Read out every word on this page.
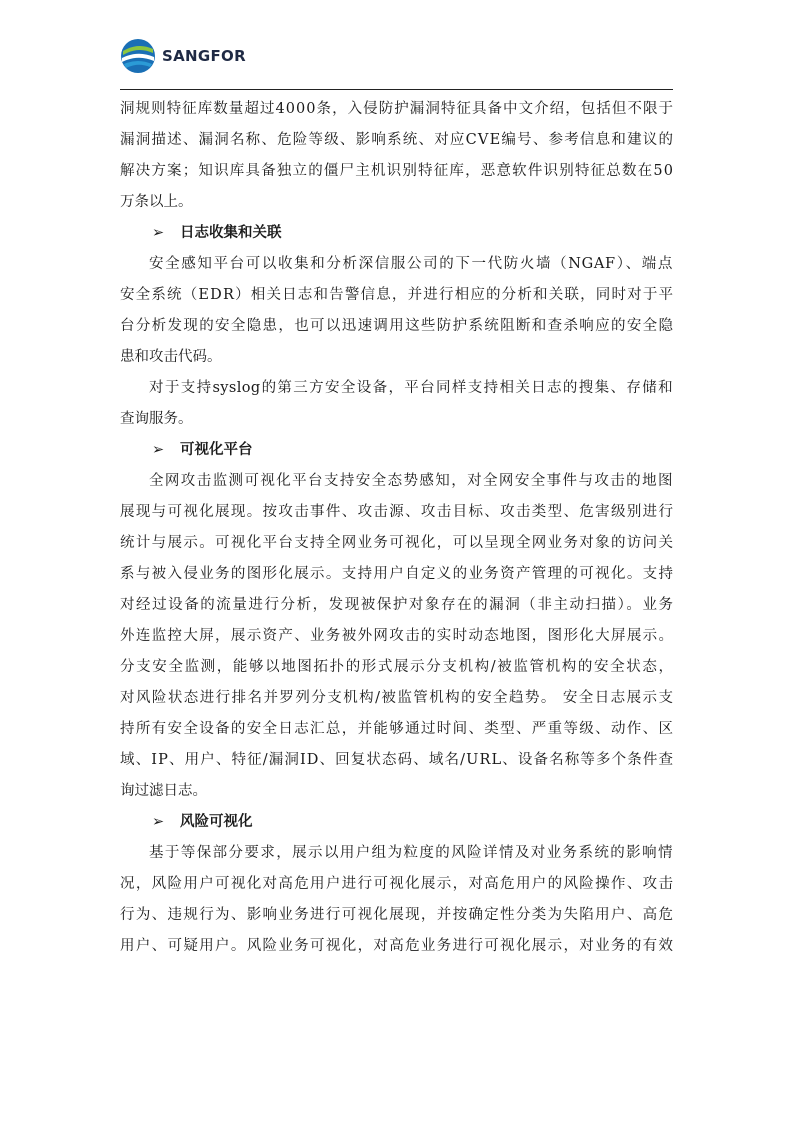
SANGFOR

洞规则特征库数量超过4000条，入侵防护漏洞特征具备中文介绍，包括但不限于
漏洞描述、漏洞名称、危险等级、影响系统、对应CVE编号、参考信息和建议的
解决方案；知识库具备独立的僵尸主机识别特征库，恶意软件识别特征总数在50

万条以上。

➢ 日志收集和关联

安全感知平台可以收集和分析深信服公司的下一代防火墙（NGAF）、端点

安全系统（EDR）相关日志和告警信息，并进行相应的分析和关联，同时对于平
台分析发现的安全隐患，也可以迅速调用这些防护系统阻断和查杀响应的安全隐

患和攻击代码。

对于支持syslog的第三方安全设备，平台同样支持相关日志的搜集、存储和

查询服务。

➢ 可视化平台

全网攻击监测可视化平台支持安全态势感知，对全网安全事件与攻击的地图

展现与可视化展现。按攻击事件、攻击源、攻击目标、攻击类型、危害级别进行
统计与展示。可视化平台支持全网业务可视化，可以呈现全网业务对象的访问关
系与被入侵业务的图形化展示。支持用户自定义的业务资产管理的可视化。支持
对经过设备的流量进行分析，发现被保护对象存在的漏洞（非主动扫描）。业务
外连监控大屏，展示资产、业务被外网攻击的实时动态地图，图形化大屏展示。
分支安全监测，能够以地图拓扑的形式展示分支机构/被监管机构的安全状态，
对风险状态进行排名并罗列分支机构/被监管机构的安全趋势。 安全日志展示支
持所有安全设备的安全日志汇总，并能够通过时间、类型、严重等级、动作、区
域、IP、用户、特征/漏洞ID、回复状态码、域名/URL、设备名称等多个条件查

询过滤日志。

➢ 风险可视化

基于等保部分要求，展示以用户组为粒度的风险详情及对业务系统的影响情

况，风险用户可视化对高危用户进行可视化展示，对高危用户的风险操作、攻击
行为、违规行为、影响业务进行可视化展现，并按确定性分类为失陷用户、高危
用户、可疑用户。风险业务可视化，对高危业务进行可视化展示，对业务的有效
